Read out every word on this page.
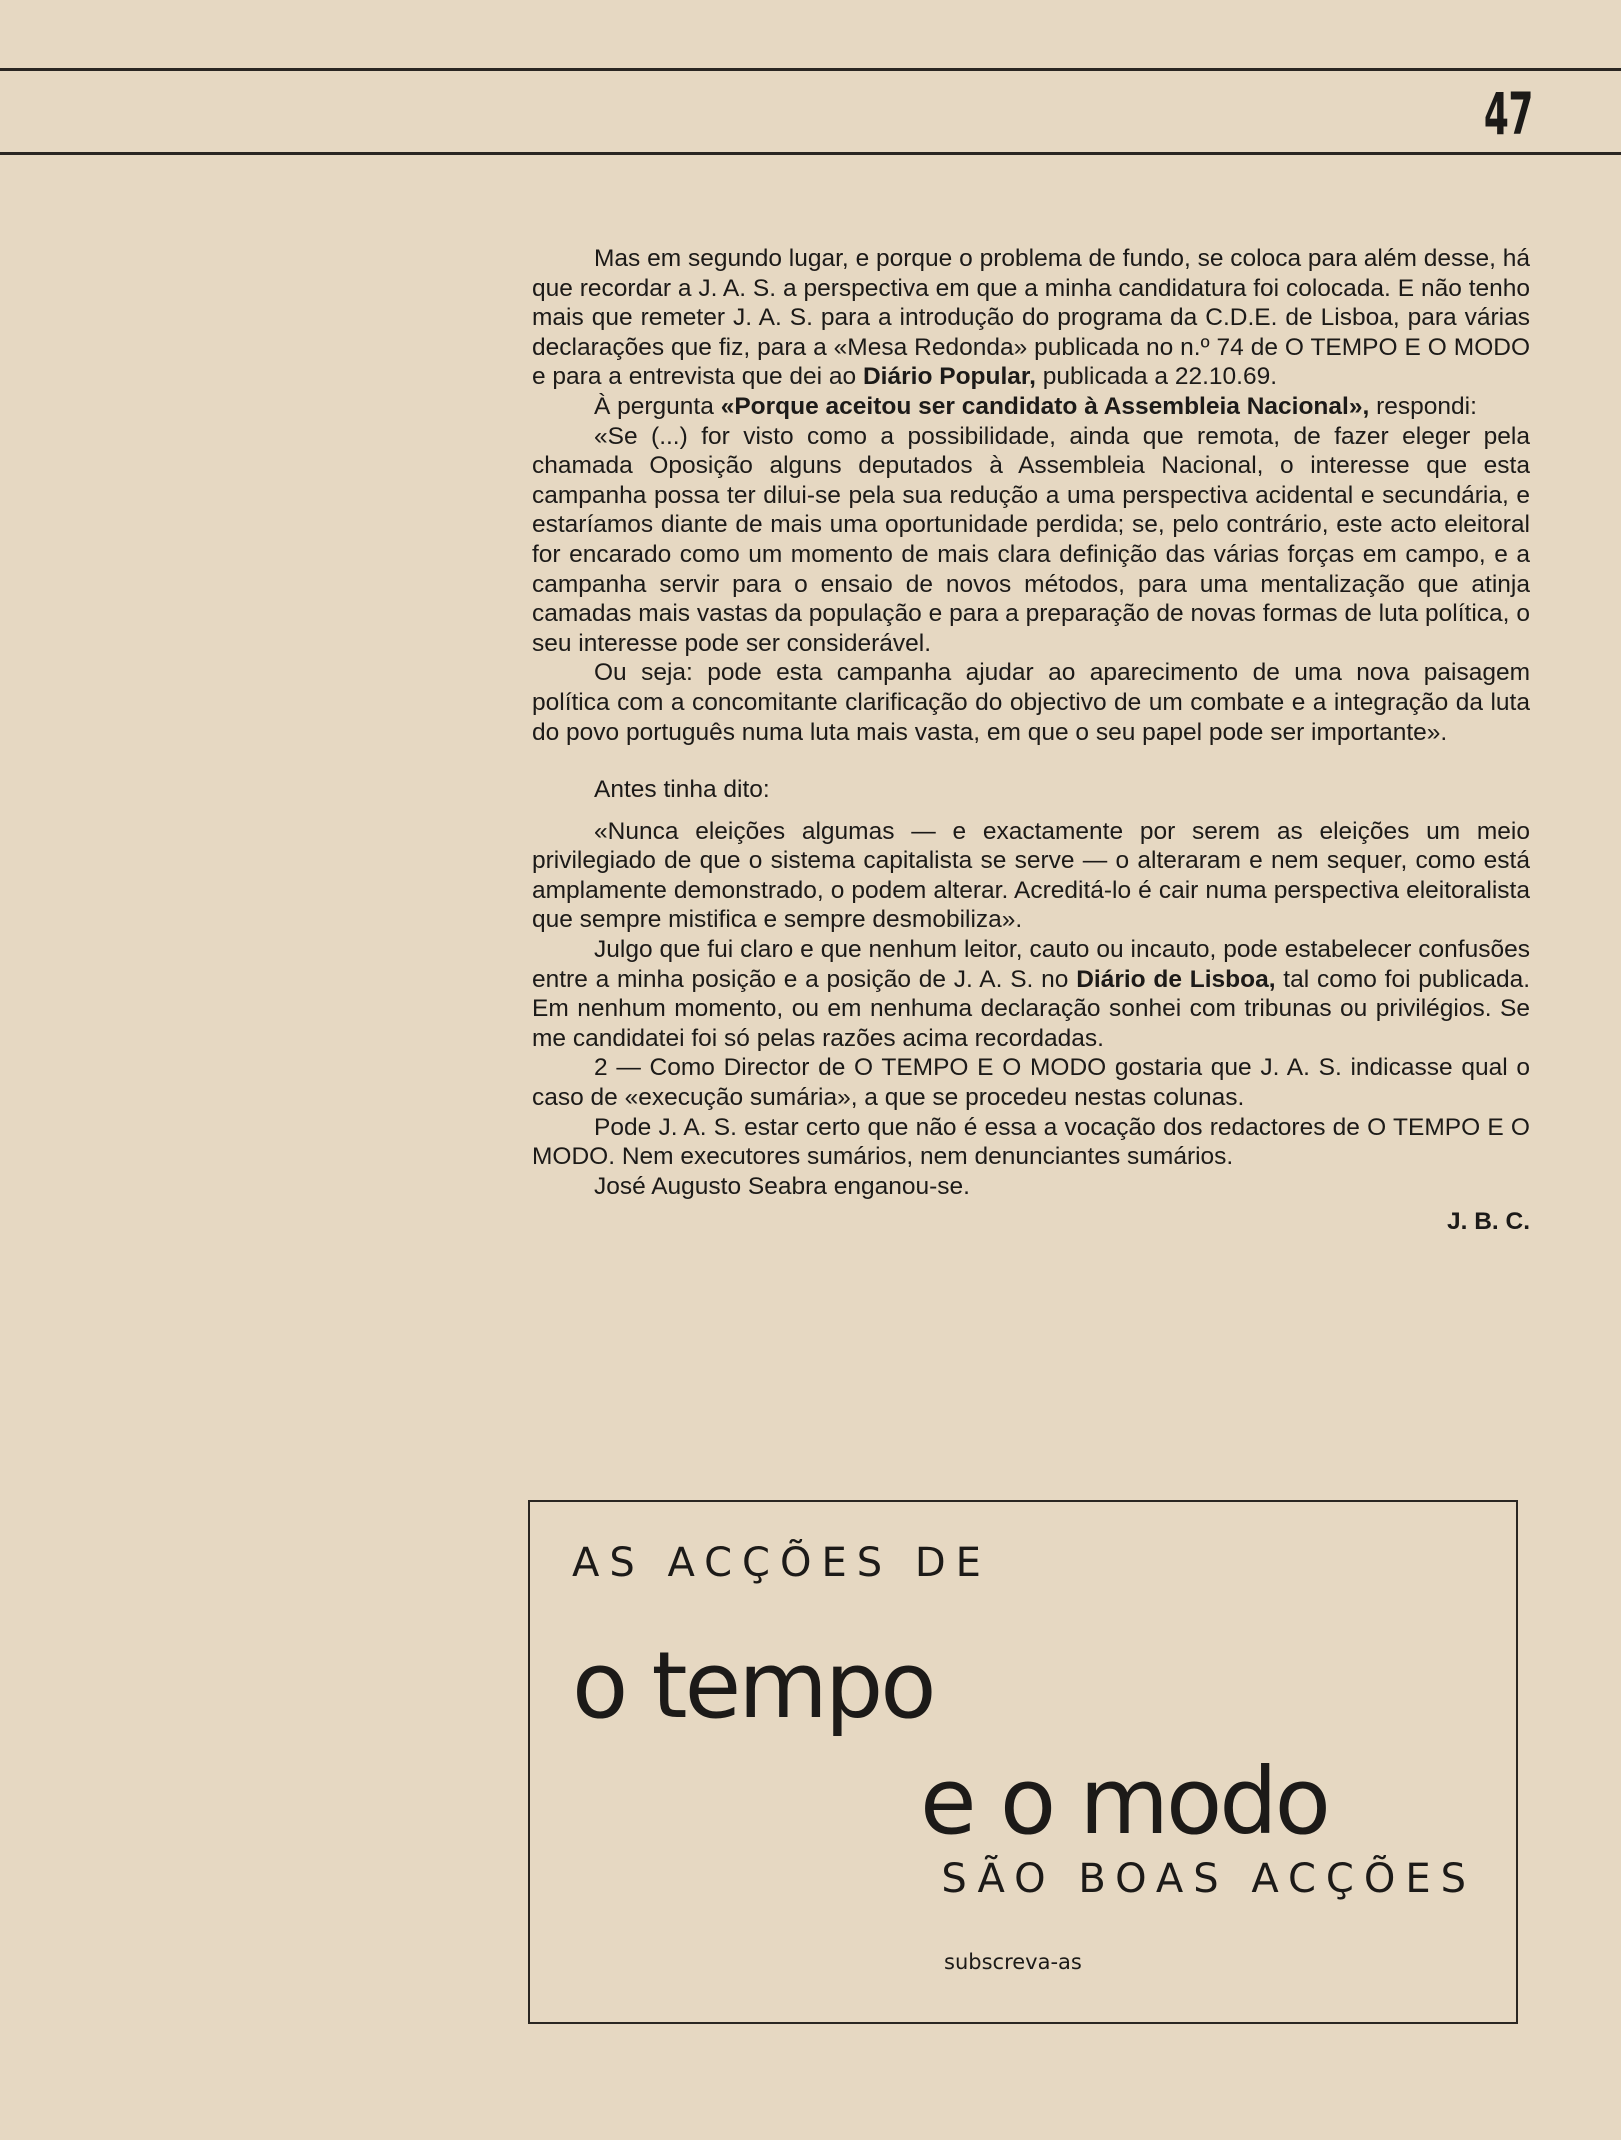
47

Mas em segundo lugar, e porque o problema de fundo, se coloca para além desse, há que recordar a J. A. S. a perspectiva em que a minha candidatura foi colocada. E não tenho mais que remeter J. A. S. para a introdução do programa da C.D.E. de Lisboa, para várias declarações que fiz, para a «Mesa Redonda» publicada no n.º 74 de O TEMPO E O MODO e para a entrevista que dei ao Diário Popular, publicada a 22.10.69.

À pergunta «Porque aceitou ser candidato à Assembleia Nacional», respondi:

«Se (...) for visto como a possibilidade, ainda que remota, de fazer eleger pela chamada Oposição alguns deputados à Assembleia Nacional, o interesse que esta campanha possa ter dilui-se pela sua redução a uma perspectiva acidental e secundária, e estaríamos diante de mais uma oportunidade perdida; se, pelo contrário, este acto eleitoral for encarado como um momento de mais clara definição das várias forças em campo, e a campanha servir para o ensaio de novos métodos, para uma mentalização que atinja camadas mais vastas da população e para a preparação de novas formas de luta política, o seu interesse pode ser considerável.

Ou seja: pode esta campanha ajudar ao aparecimento de uma nova paisagem política com a concomitante clarificação do objectivo de um combate e a integração da luta do povo português numa luta mais vasta, em que o seu papel pode ser importante».

Antes tinha dito:

«Nunca eleições algumas — e exactamente por serem as eleições um meio privilegiado de que o sistema capitalista se serve — o alteraram e nem sequer, como está amplamente demonstrado, o podem alterar. Acreditá-lo é cair numa perspectiva eleitoralista que sempre mistifica e sempre desmobiliza».

Julgo que fui claro e que nenhum leitor, cauto ou incauto, pode estabelecer confusões entre a minha posição e a posição de J. A. S. no Diário de Lisboa, tal como foi publicada. Em nenhum momento, ou em nenhuma declaração sonhei com tribunas ou privilégios. Se me candidatei foi só pelas razões acima recordadas.

2 — Como Director de O TEMPO E O MODO gostaria que J. A. S. indicasse qual o caso de «execução sumária», a que se procedeu nestas colunas.

Pode J. A. S. estar certo que não é essa a vocação dos redactores de O TEMPO E O MODO. Nem executores sumários, nem denunciantes sumários.

José Augusto Seabra enganou-se.

J. B. C.

AS ACÇÕES DE
o tempo
e o modo
SÃO BOAS ACÇÕES
subscreva-as
